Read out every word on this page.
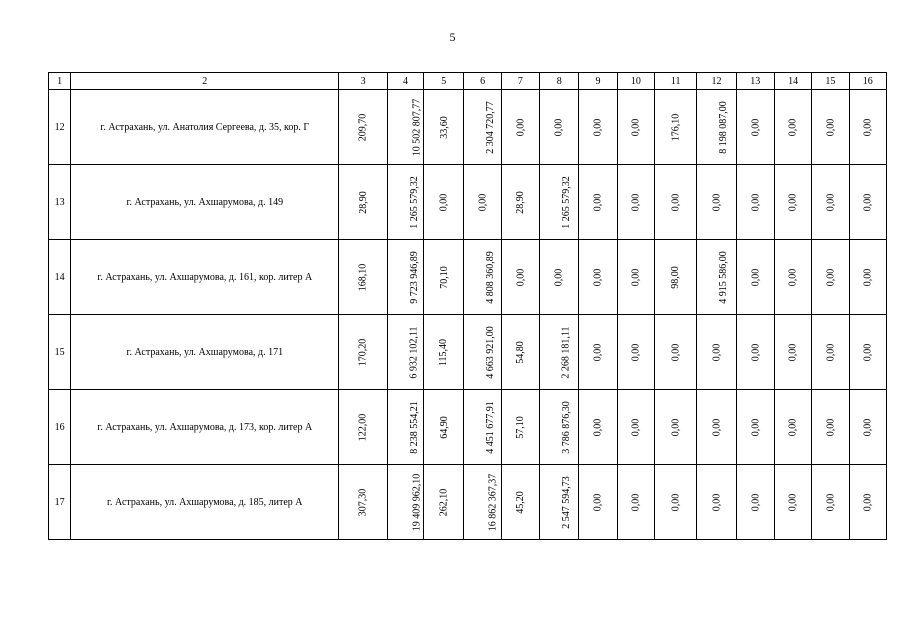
5
1	2	3	4	5	6	7	8	9	10	11	12	13	14	15	16
12	г. Астрахань, ул. Анатолия Сергеева, д. 35, кор. Г	209,70	10 502 807,77	33,60	2 304 720,77	0,00	0,00	0,00	0,00	176,10	8 198 087,00	0,00	0,00	0,00	0,00
13	г. Астрахань, ул. Ахшарумова, д. 149	28,90	1 265 579,32	0,00	0,00	28,90	1 265 579,32	0,00	0,00	0,00	0,00	0,00	0,00	0,00	0,00
14	г. Астрахань, ул. Ахшарумова, д. 161, кор. литер А	168,10	9 723 946,89	70,10	4 808 360,89	0,00	0,00	0,00	0,00	98,00	4 915 586,00	0,00	0,00	0,00	0,00
15	г. Астрахань, ул. Ахшарумова, д. 171	170,20	6 932 102,11	115,40	4 663 921,00	54,80	2 268 181,11	0,00	0,00	0,00	0,00	0,00	0,00	0,00	0,00
16	г. Астрахань, ул. Ахшарумова, д. 173, кор. литер А	122,00	8 238 554,21	64,90	4 451 677,91	57,10	3 786 876,30	0,00	0,00	0,00	0,00	0,00	0,00	0,00	0,00
17	г. Астрахань, ул. Ахшарумова, д. 185, литер А	307,30	19 409 962,10	262,10	16 862 367,37	45,20	2 547 594,73	0,00	0,00	0,00	0,00	0,00	0,00	0,00	0,00
